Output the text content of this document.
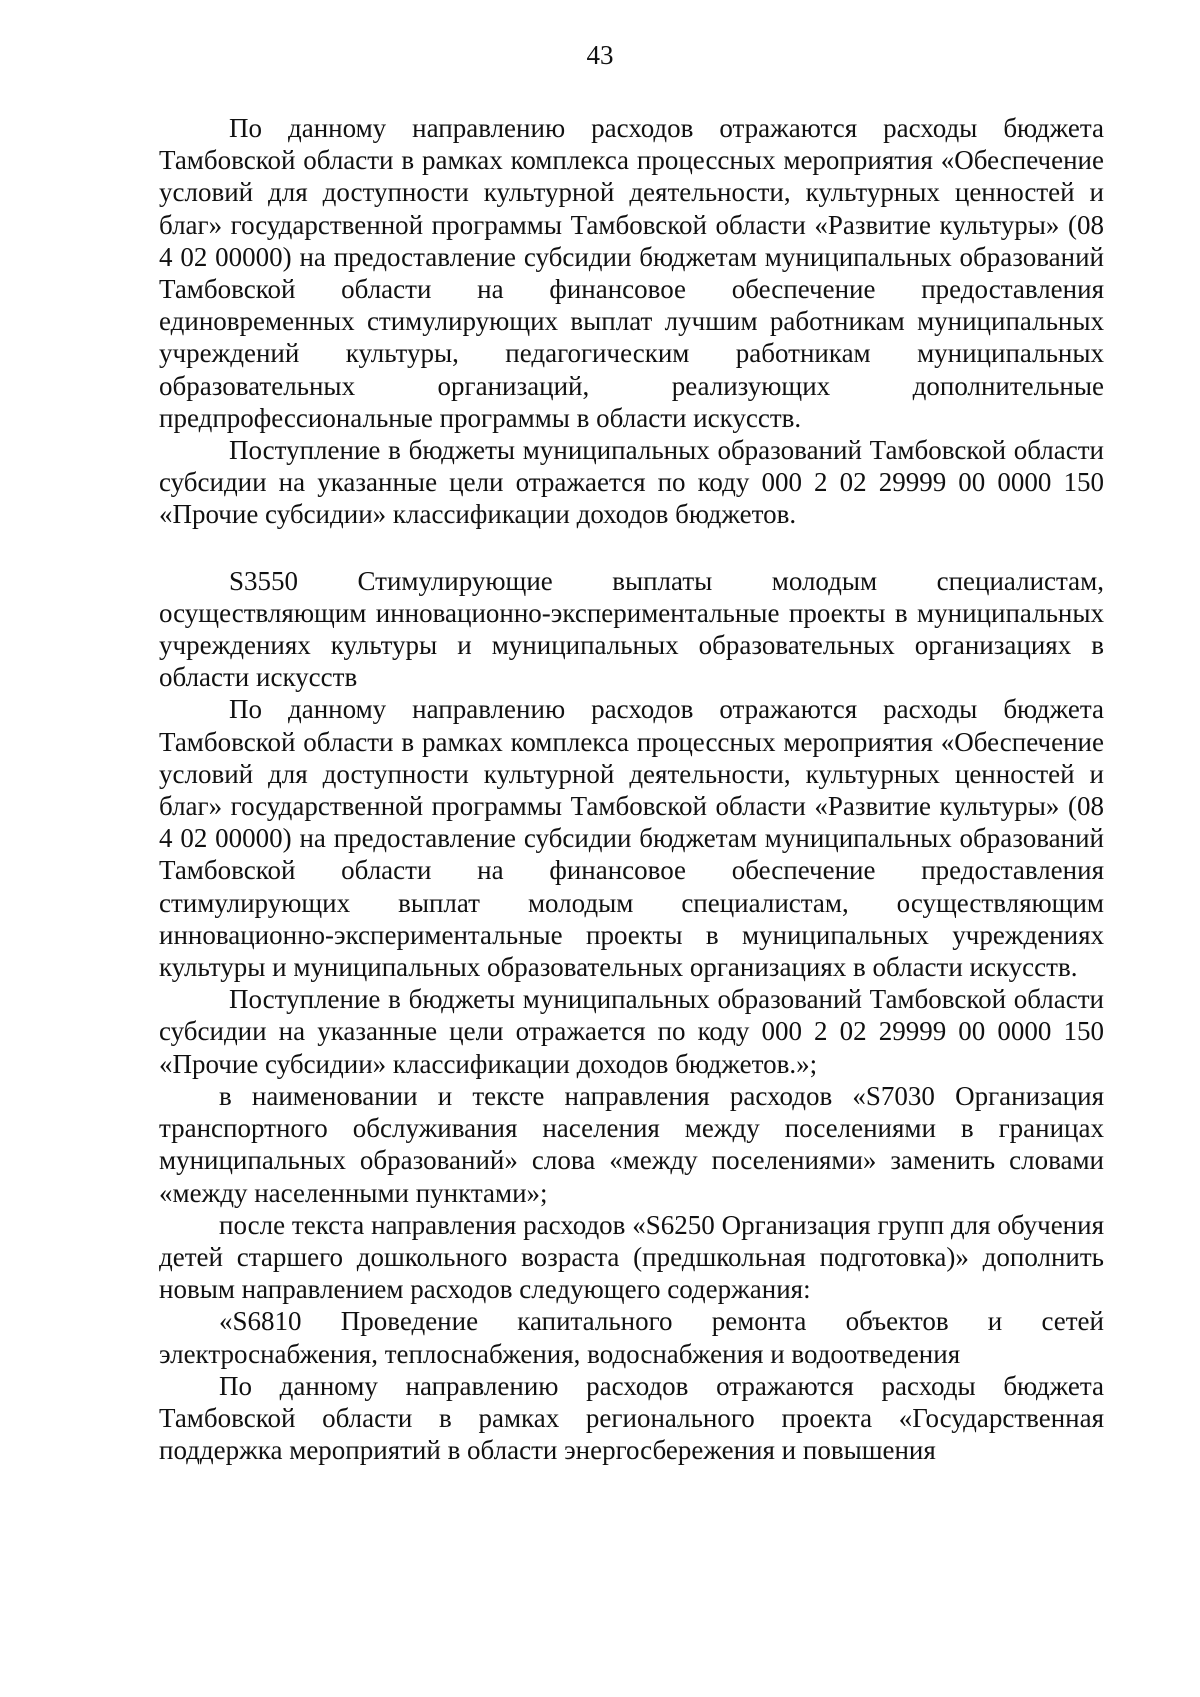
43

По данному направлению расходов отражаются расходы бюджета Тамбовской области в рамках комплекса процессных мероприятия «Обеспечение условий для доступности культурной деятельности, культурных ценностей и благ» государственной программы Тамбовской области «Развитие культуры» (08 4 02 00000) на предоставление субсидии бюджетам муниципальных образований Тамбовской области на финансовое обеспечение предоставления единовременных стимулирующих выплат лучшим работникам муниципальных учреждений культуры, педагогическим работникам муниципальных образовательных организаций, реализующих дополнительные предпрофессиональные программы в области искусств.

Поступление в бюджеты муниципальных образований Тамбовской области субсидии на указанные цели отражается по коду 000 2 02 29999 00 0000 150 «Прочие субсидии» классификации доходов бюджетов.

S3550 Стимулирующие выплаты молодым специалистам, осуществляющим инновационно-экспериментальные проекты в муниципальных учреждениях культуры и муниципальных образовательных организациях в области искусств

По данному направлению расходов отражаются расходы бюджета Тамбовской области в рамках комплекса процессных мероприятия «Обеспечение условий для доступности культурной деятельности, культурных ценностей и благ» государственной программы Тамбовской области «Развитие культуры» (08 4 02 00000) на предоставление субсидии бюджетам муниципальных образований Тамбовской области на финансовое обеспечение предоставления стимулирующих выплат молодым специалистам, осуществляющим инновационно-экспериментальные проекты в муниципальных учреждениях культуры и муниципальных образовательных организациях в области искусств.

Поступление в бюджеты муниципальных образований Тамбовской области субсидии на указанные цели отражается по коду 000 2 02 29999 00 0000 150 «Прочие субсидии» классификации доходов бюджетов.»;

в наименовании и тексте направления расходов «S7030 Организация транспортного обслуживания населения между поселениями в границах муниципальных образований» слова «между поселениями» заменить словами «между населенными пунктами»;

после текста направления расходов «S6250 Организация групп для обучения детей старшего дошкольного возраста (предшкольная подготовка)» дополнить новым направлением расходов следующего содержания:

«S6810 Проведение капитального ремонта объектов и сетей электроснабжения, теплоснабжения, водоснабжения и водоотведения

По данному направлению расходов отражаются расходы бюджета Тамбовской области в рамках регионального проекта «Государственная поддержка мероприятий в области энергосбережения и повышения
